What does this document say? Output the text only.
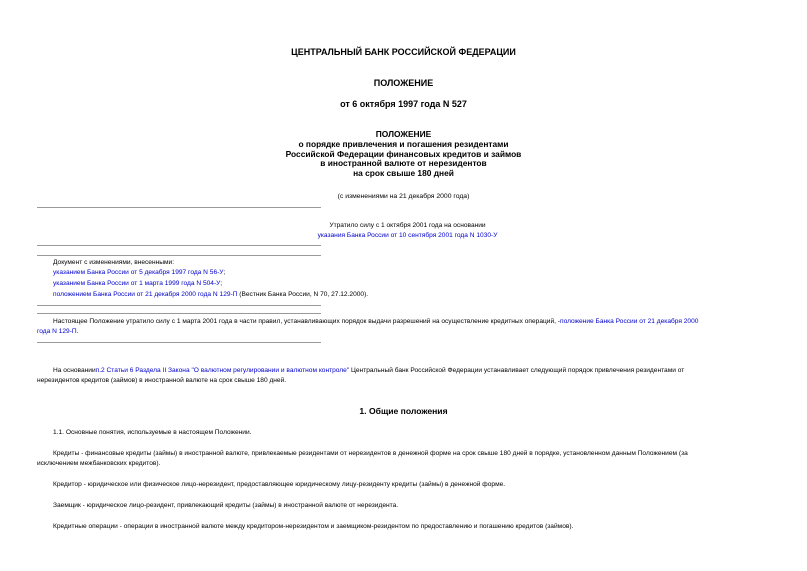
ЦЕНТРАЛЬНЫЙ БАНК РОССИЙСКОЙ ФЕДЕРАЦИИ
ПОЛОЖЕНИЕ
от 6 октября 1997 года N 527
ПОЛОЖЕНИЕ
о порядке привлечения и погашения резидентами
Российской Федерации финансовых кредитов и займов
в иностранной валюте от нерезидентов
на срок свыше 180 дней
(с изменениями на 21 декабря 2000 года)
Утратило силу с 1 октября 2001 года на основании
указания Банка России от 10 сентября 2001 года N 1030-У
Документ с изменениями, внесенными:
указанием Банка России от 5 декабря 1997 года N 56-У;
указанием Банка России от 1 марта 1999 года N 504-У;
положением Банка России от 21 декабря 2000 года N 129-П (Вестник Банка России, N 70, 27.12.2000).
Настоящее Положение утратило силу с 1 марта 2001 года в части правил, устанавливающих порядок выдачи разрешений на осуществление кредитных операций, -положение Банка России от 21 декабря 2000
года N 129-П.
На основаниип.2 Статьи 6 Раздела II Закона "О валютном регулировании и валютном контроле" Центральный банк Российской Федерации устанавливает следующий порядок привлечения резидентами от
нерезидентов кредитов (займов) в иностранной валюте на срок свыше 180 дней.
1. Общие положения
1.1. Основные понятия, используемые в настоящем Положении.
Кредиты - финансовые кредиты (займы) в иностранной валюте, привлекаемые резидентами от нерезидентов в денежной форме на срок свыше 180 дней в порядке, установленном данным Положением (за
исключением межбанковских кредитов).
Кредитор - юридическое или физическое лицо-нерезидент, предоставляющее юридическому лицу-резиденту кредиты (займы) в денежной форме.
Заемщик - юридическое лицо-резидент, привлекающий кредиты (займы) в иностранной валюте от нерезидента.
Кредитные операции - операции в иностранной валюте между кредитором-нерезидентом и заемщиком-резидентом по предоставлению и погашению кредитов (займов).
